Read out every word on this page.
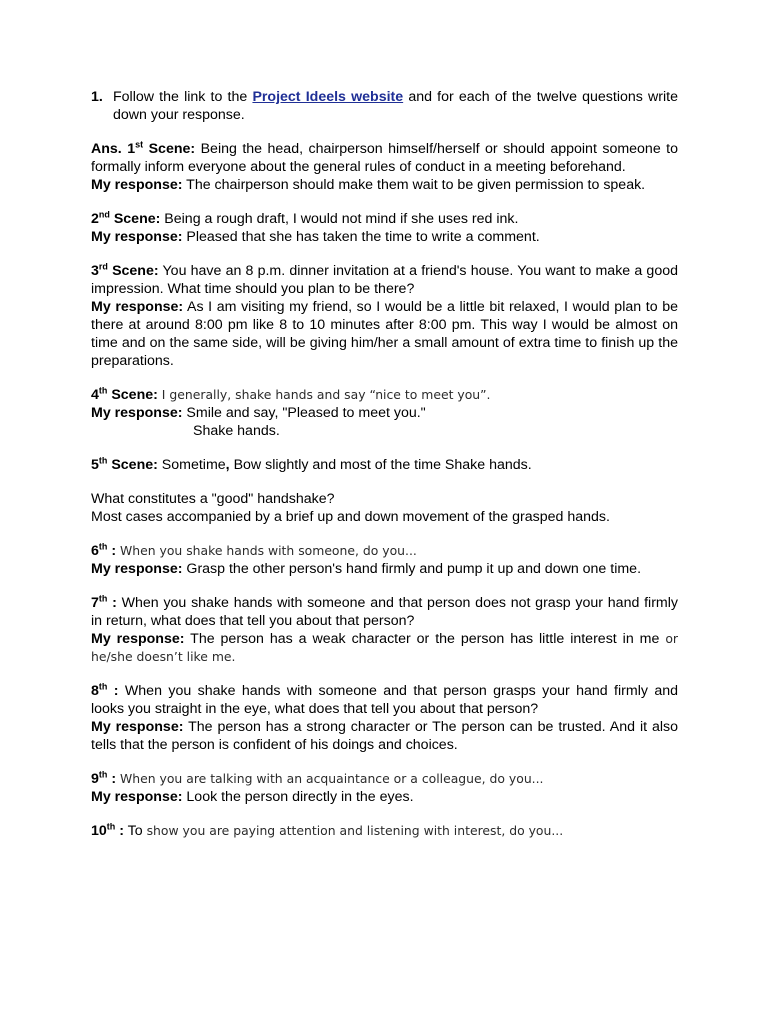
1. Follow the link to the Project Ideels website and for each of the twelve questions write down your response.

Ans. 1st Scene: Being the head, chairperson himself/herself or should appoint someone to formally inform everyone about the general rules of conduct in a meeting beforehand.

My response: The chairperson should make them wait to be given permission to speak.

2nd Scene: Being a rough draft, I would not mind if she uses red ink.

My response: Pleased that she has taken the time to write a comment.

3rd Scene: You have an 8 p.m. dinner invitation at a friend's house. You want to make a good impression. What time should you plan to be there?

My response: As I am visiting my friend, so I would be a little bit relaxed, I would plan to be there at around 8:00 pm like 8 to 10 minutes after 8:00 pm. This way I would be almost on time and on the same side, will be giving him/her a small amount of extra time to finish up the preparations.

4th Scene: I generally, shake hands and say “nice to meet you”.

My response: Smile and say, "Pleased to meet you."

Shake hands.

5th Scene: Sometime, Bow slightly and most of the time Shake hands.

What constitutes a "good" handshake?

Most cases accompanied by a brief up and down movement of the grasped hands.

6th : When you shake hands with someone, do you...

My response: Grasp the other person's hand firmly and pump it up and down one time.

7th : When you shake hands with someone and that person does not grasp your hand firmly in return, what does that tell you about that person?

My response: The person has a weak character or the person has little interest in me or he/she doesn’t like me.

8th : When you shake hands with someone and that person grasps your hand firmly and looks you straight in the eye, what does that tell you about that person?

My response: The person has a strong character or The person can be trusted. And it also tells that the person is confident of his doings and choices.

9th : When you are talking with an acquaintance or a colleague, do you...

My response: Look the person directly in the eyes.

10th : To show you are paying attention and listening with interest, do you...
